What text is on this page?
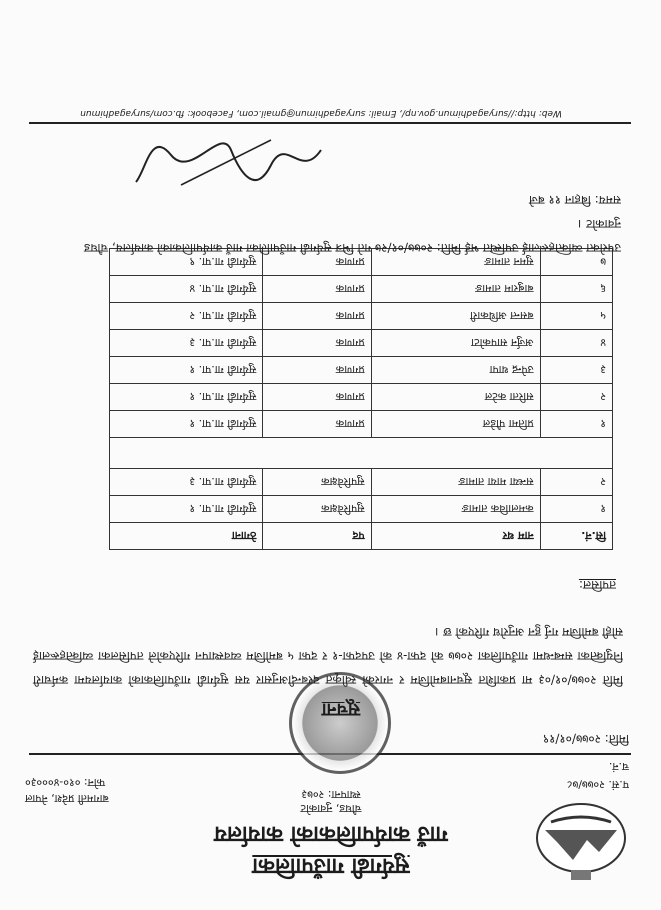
सुर्यगढी गाउँपालिका
गाउँ कार्यपालिकाको कार्यालय
चौघड, नुवाकोट
स्थापना: २०७३
बागमती प्रदेश, नेपाल
फोन: ०१०-४०००३०	प.सं. २०७७/७८
च.नं.
मिति: २०७७/०१/१९
सूचना
मिति २०७७/०१/०३ मा प्रकाशित सूचनाबमोजिम र नगरको स्वीकृत दरबन्दीअनुसार यस सुर्यगढी गाउँपालिकाको कार्यालयमा कर्मचारी नियुक्तिका सम्बन्धमा गाउँपालिका २०७७ को दफा-४ को उपदफा-१ र दफा ५ बमोजिम व्यवस्थापन गरिएकोले तपसिलका व्यक्तिहरूलाई सोही बमोजिम गर्नु हुन अनुरोध गरिएको छ ।
तपसिल:
सि.नं.	नाम थर	पद	ठेगाना
१	कमलाविक तामाङ	सुपरिवेक्षक	सुर्यगढी गा.पा. १
२	सन्ध्या माया तामाङ	सुपरिवेक्षक	सुर्यगढी गा.पा. ३

१	प्रतिमा पौडेल	प्रगणक	सुर्यगढी गा.पा. १
२	सरिता कटेल	प्रगणक	सुर्यगढी गा.पा. १
३	उपेन्द्र थापा	प्रगणक	सुर्यगढी गा.पा. १
४	अर्जुन सापकोटा	प्रगणक	सुर्यगढी गा.पा. ३
५	बसन्त अधिकारी	प्रगणक	सुर्यगढी गा.पा. २
६	बाबुराम तामाङ	प्रगणक	सुर्यगढी गा.पा. ४
७	सुमन तामाङ	प्रगणक	सुर्यगढी गा.पा. ९
उपरोक्त व्यक्तिहरूलाई उपस्थित भई मिति: २०७७/०१/२७ गते भित्र सुर्यगढी गाउँपालिका गाउँ कार्यपालिकाको कार्यालय, चौघड नुवाकोट ।
समय: बिहान ११ बजे
Web: http://suryagadhimun.gov.np/, Email: suryagadhimun@gmail.com, Facebook: fb.com/suryagadhimun
